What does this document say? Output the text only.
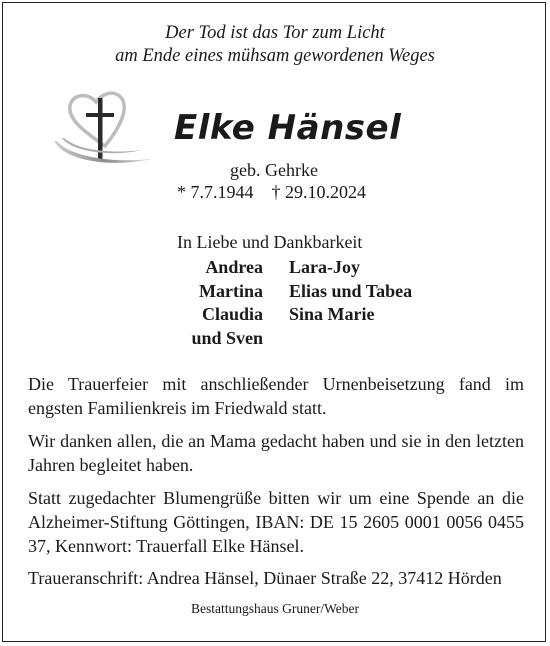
Der Tod ist das Tor zum Licht
am Ende eines mühsam gewordenen Weges
Elke Hänsel
geb. Gehrke
* 7.7.1944 † 29.10.2024
In Liebe und Dankbarkeit
Andrea
Martina
Claudia
und Sven
Lara-Joy
Elias und Tabea
Sina Marie
Die Trauerfeier mit anschließender Urnenbeisetzung fand im engsten Familienkreis im Friedwald statt.
Wir danken allen, die an Mama gedacht haben und sie in den letzten Jahren begleitet haben.
Statt zugedachter Blumengrüße bitten wir um eine Spende an die Alzheimer-Stiftung Göttingen, IBAN: DE 15 2605 0001 0056 0455 37, Kennwort: Trauerfall Elke Hänsel.
Traueranschrift: Andrea Hänsel, Dünaer Straße 22, 37412 Hörden
Bestattungshaus Gruner/Weber
